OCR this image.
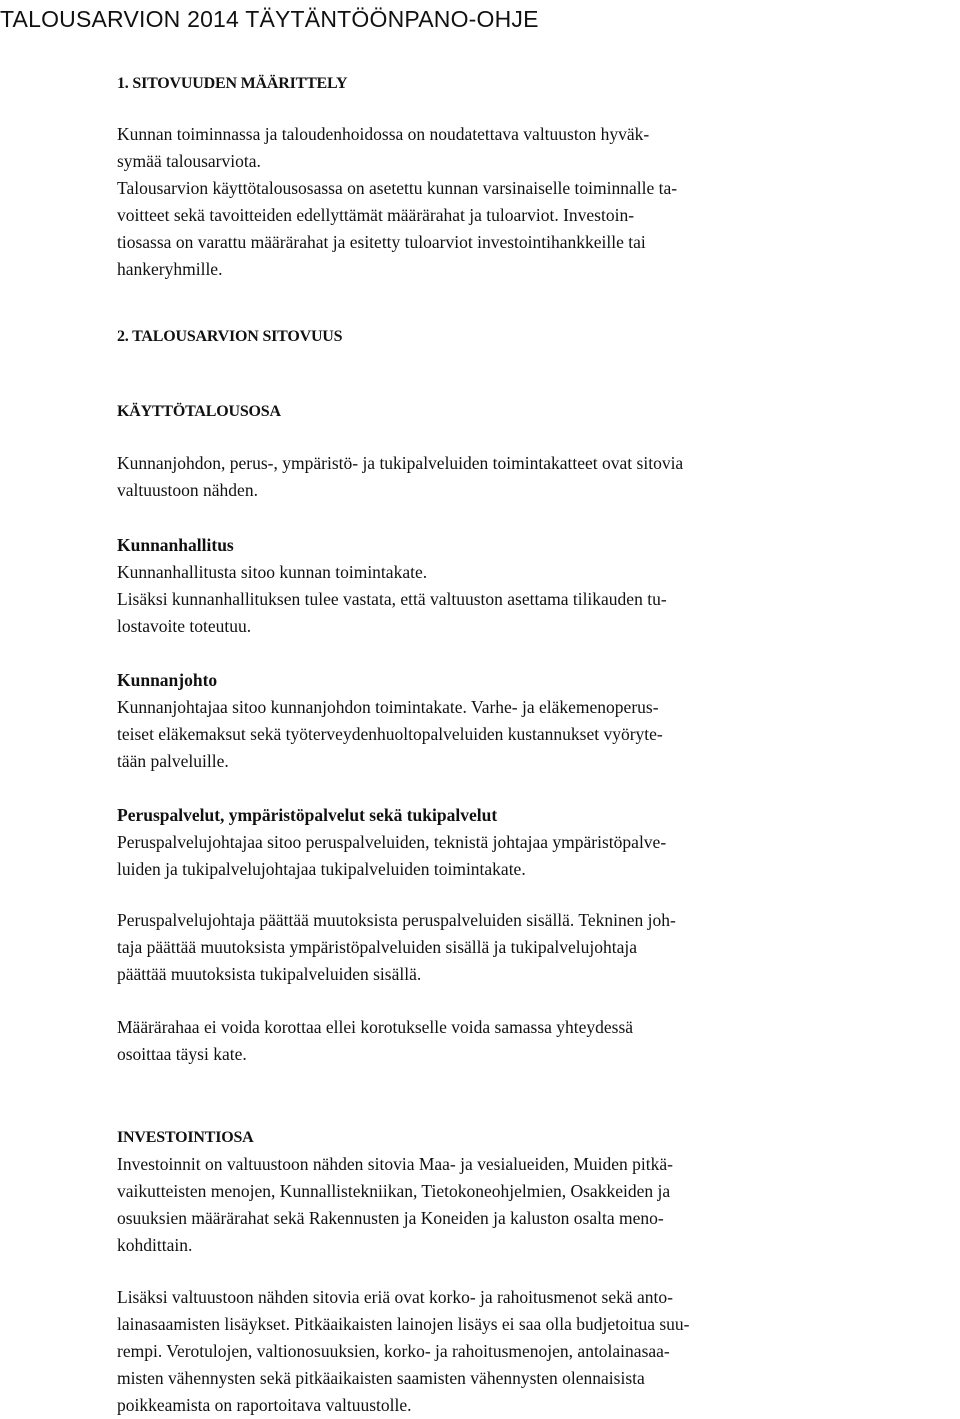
TALOUSARVION 2014 TÄYTÄNTÖÖNPANO-OHJE
1. SITOVUUDEN MÄÄRITTELY
Kunnan toiminnassa ja taloudenhoidossa on noudatettava valtuuston hyväk-
symää talousarviota.
Talousarvion käyttötalousosassa on asetettu kunnan varsinaiselle toiminnalle ta-
voitteet sekä tavoitteiden edellyttämät määrärahat ja tuloarviot. Investoin-
tiosassa on varattu määrärahat ja esitetty tuloarviot investointihankkeille tai
hankeryhmille.
2. TALOUSARVION SITOVUUS
KÄYTTÖTALOUSOSA
Kunnanjohdon, perus-, ympäristö- ja tukipalveluiden toimintakatteet ovat sitovia
valtuustoon nähden.
Kunnanhallitus
Kunnanhallitusta sitoo kunnan toimintakate.
Lisäksi kunnanhallituksen tulee vastata, että valtuuston asettama tilikauden tu-
lostavoite toteutuu.
Kunnanjohto
Kunnanjohtajaa sitoo kunnanjohdon toimintakate. Varhe- ja eläkemenoperus-
teiset eläkemaksut sekä työterveydenhuoltopalveluiden kustannukset vyöryte-
tään palveluille.
Peruspalvelut, ympäristöpalvelut sekä tukipalvelut
Peruspalvelujohtajaa sitoo peruspalveluiden, teknistä johtajaa ympäristöpalve-
luiden ja tukipalvelujohtajaa tukipalveluiden toimintakate.
Peruspalvelujohtaja päättää muutoksista peruspalveluiden sisällä. Tekninen joh-
taja päättää muutoksista ympäristöpalveluiden sisällä ja tukipalvelujohtaja
päättää muutoksista tukipalveluiden sisällä.
Määrärahaa ei voida korottaa ellei korotukselle voida samassa yhteydessä
osoittaa täysi kate.
INVESTOINTIOSA
Investoinnit on valtuustoon nähden sitovia Maa- ja vesialueiden, Muiden pitkä-
vaikutteisten menojen, Kunnallistekniikan, Tietokoneohjelmien, Osakkeiden ja
osuuksien määrärahat sekä Rakennusten ja Koneiden ja kaluston osalta meno-
kohdittain.
Lisäksi valtuustoon nähden sitovia eriä ovat korko- ja rahoitusmenot sekä anto-
lainasaamisten lisäykset. Pitkäaikaisten lainojen lisäys ei saa olla budjetoitua suu-
rempi. Verotulojen, valtionosuuksien, korko- ja rahoitusmenojen, antolainasaa-
misten vähennysten sekä pitkäaikaisten saamisten vähennysten olennaisista
poikkeamista on raportoitava valtuustolle.
